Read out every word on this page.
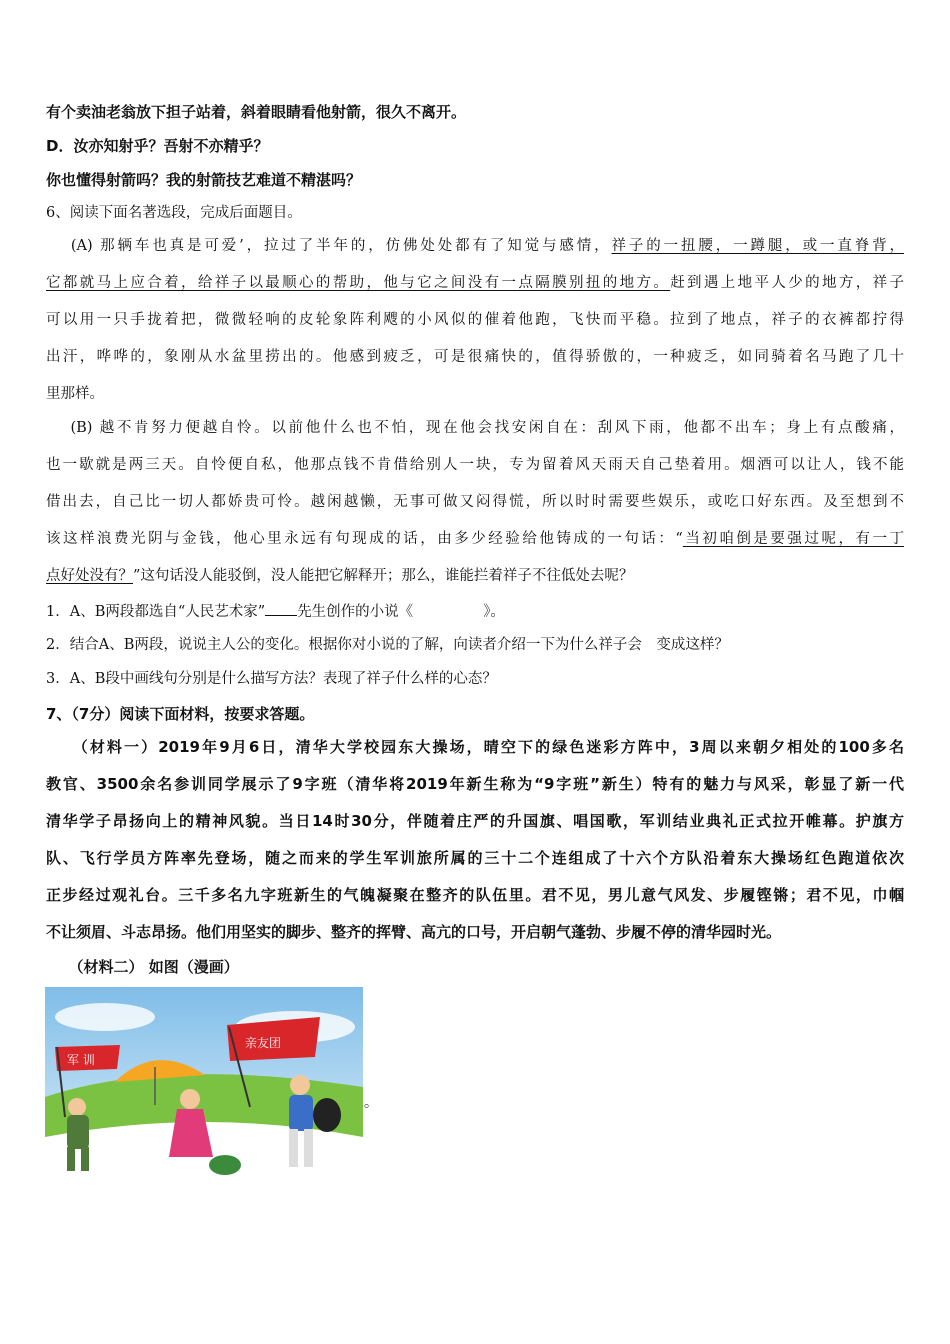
有个卖油老翁放下担子站着，斜着眼睛看他射箭，很久不离开。
D．汝亦知射乎？吾射不亦精乎？
你也懂得射箭吗？我的射箭技艺难道不精湛吗？
6、阅读下面名著选段，完成后面题目。
　 (A) 那辆车也真是可爱’，拉过了半年的，仿佛处处都有了知觉与感情，祥子的一扭腰，一蹲腿，或一直脊背，
它都就马上应合着，给祥子以最顺心的帮助，他与它之间没有一点隔膜别扭的地方。赶到遇上地平人少的地方，祥子
可以用一只手拢着把，微微轻响的皮轮象阵利飕的小风似的催着他跑，飞快而平稳。拉到了地点，祥子的衣裤都拧得
出汗，哗哗的，象刚从水盆里捞出的。他感到疲乏，可是很痛快的，值得骄傲的，一种疲乏，如同骑着名马跑了几十
里那样。
　 (B) 越不肯努力便越自怜。以前他什么也不怕，现在他会找安闲自在：刮风下雨，他都不出车；身上有点酸痛，
也一歇就是两三天。自怜便自私，他那点钱不肯借给别人一块，专为留着风天雨天自己垫着用。烟酒可以让人，钱不能
借出去，自己比一切人都娇贵可怜。越闲越懒，无事可做又闷得慌，所以时时需要些娱乐，或吃口好东西。及至想到不
该这样浪费光阴与金钱，他心里永远有句现成的话，由多少经验给他铸成的一句话：“当初咱倒是要强过呢，有一丁
点好处没有？”这句话没人能驳倒，没人能把它解释开；那么，谁能拦着祥子不往低处去呢？
1．A、B两段都选自“人民艺术家” 先生创作的小说《	》。
2．结合A、B两段，说说主人公的变化。根据你对小说的了解，向读者介绍一下为什么祥子会　变成这样？
3．A、B段中画线句分别是什么描写方法？表现了祥子什么样的心态？
7、（7分）阅读下面材料，按要求答题。
　　（材料一）2019年9月6日，清华大学校园东大操场，晴空下的绿色迷彩方阵中，3周以来朝夕相处的100多名
教官、3500余名参训同学展示了9字班（清华将2019年新生称为“9字班”新生）特有的魅力与风采，彰显了新一代
清华学子昂扬向上的精神风貌。当日14时30分，伴随着庄严的升国旗、唱国歌，军训结业典礼正式拉开帷幕。护旗方
队、飞行学员方阵率先登场，随之而来的学生军训旅所属的三十二个连组成了十六个方队沿着东大操场红色跑道依次
正步经过观礼台。三千多名九字班新生的气魄凝聚在整齐的队伍里。君不见，男儿意气风发、步履铿锵；君不见，巾帼
不让须眉、斗志昂扬。他们用坚实的脚步、整齐的挥臂、高亢的口号，开启朝气蓬勃、步履不停的清华园时光。
　　（材料二） 如图（漫画）
军 训
亲友团
。
